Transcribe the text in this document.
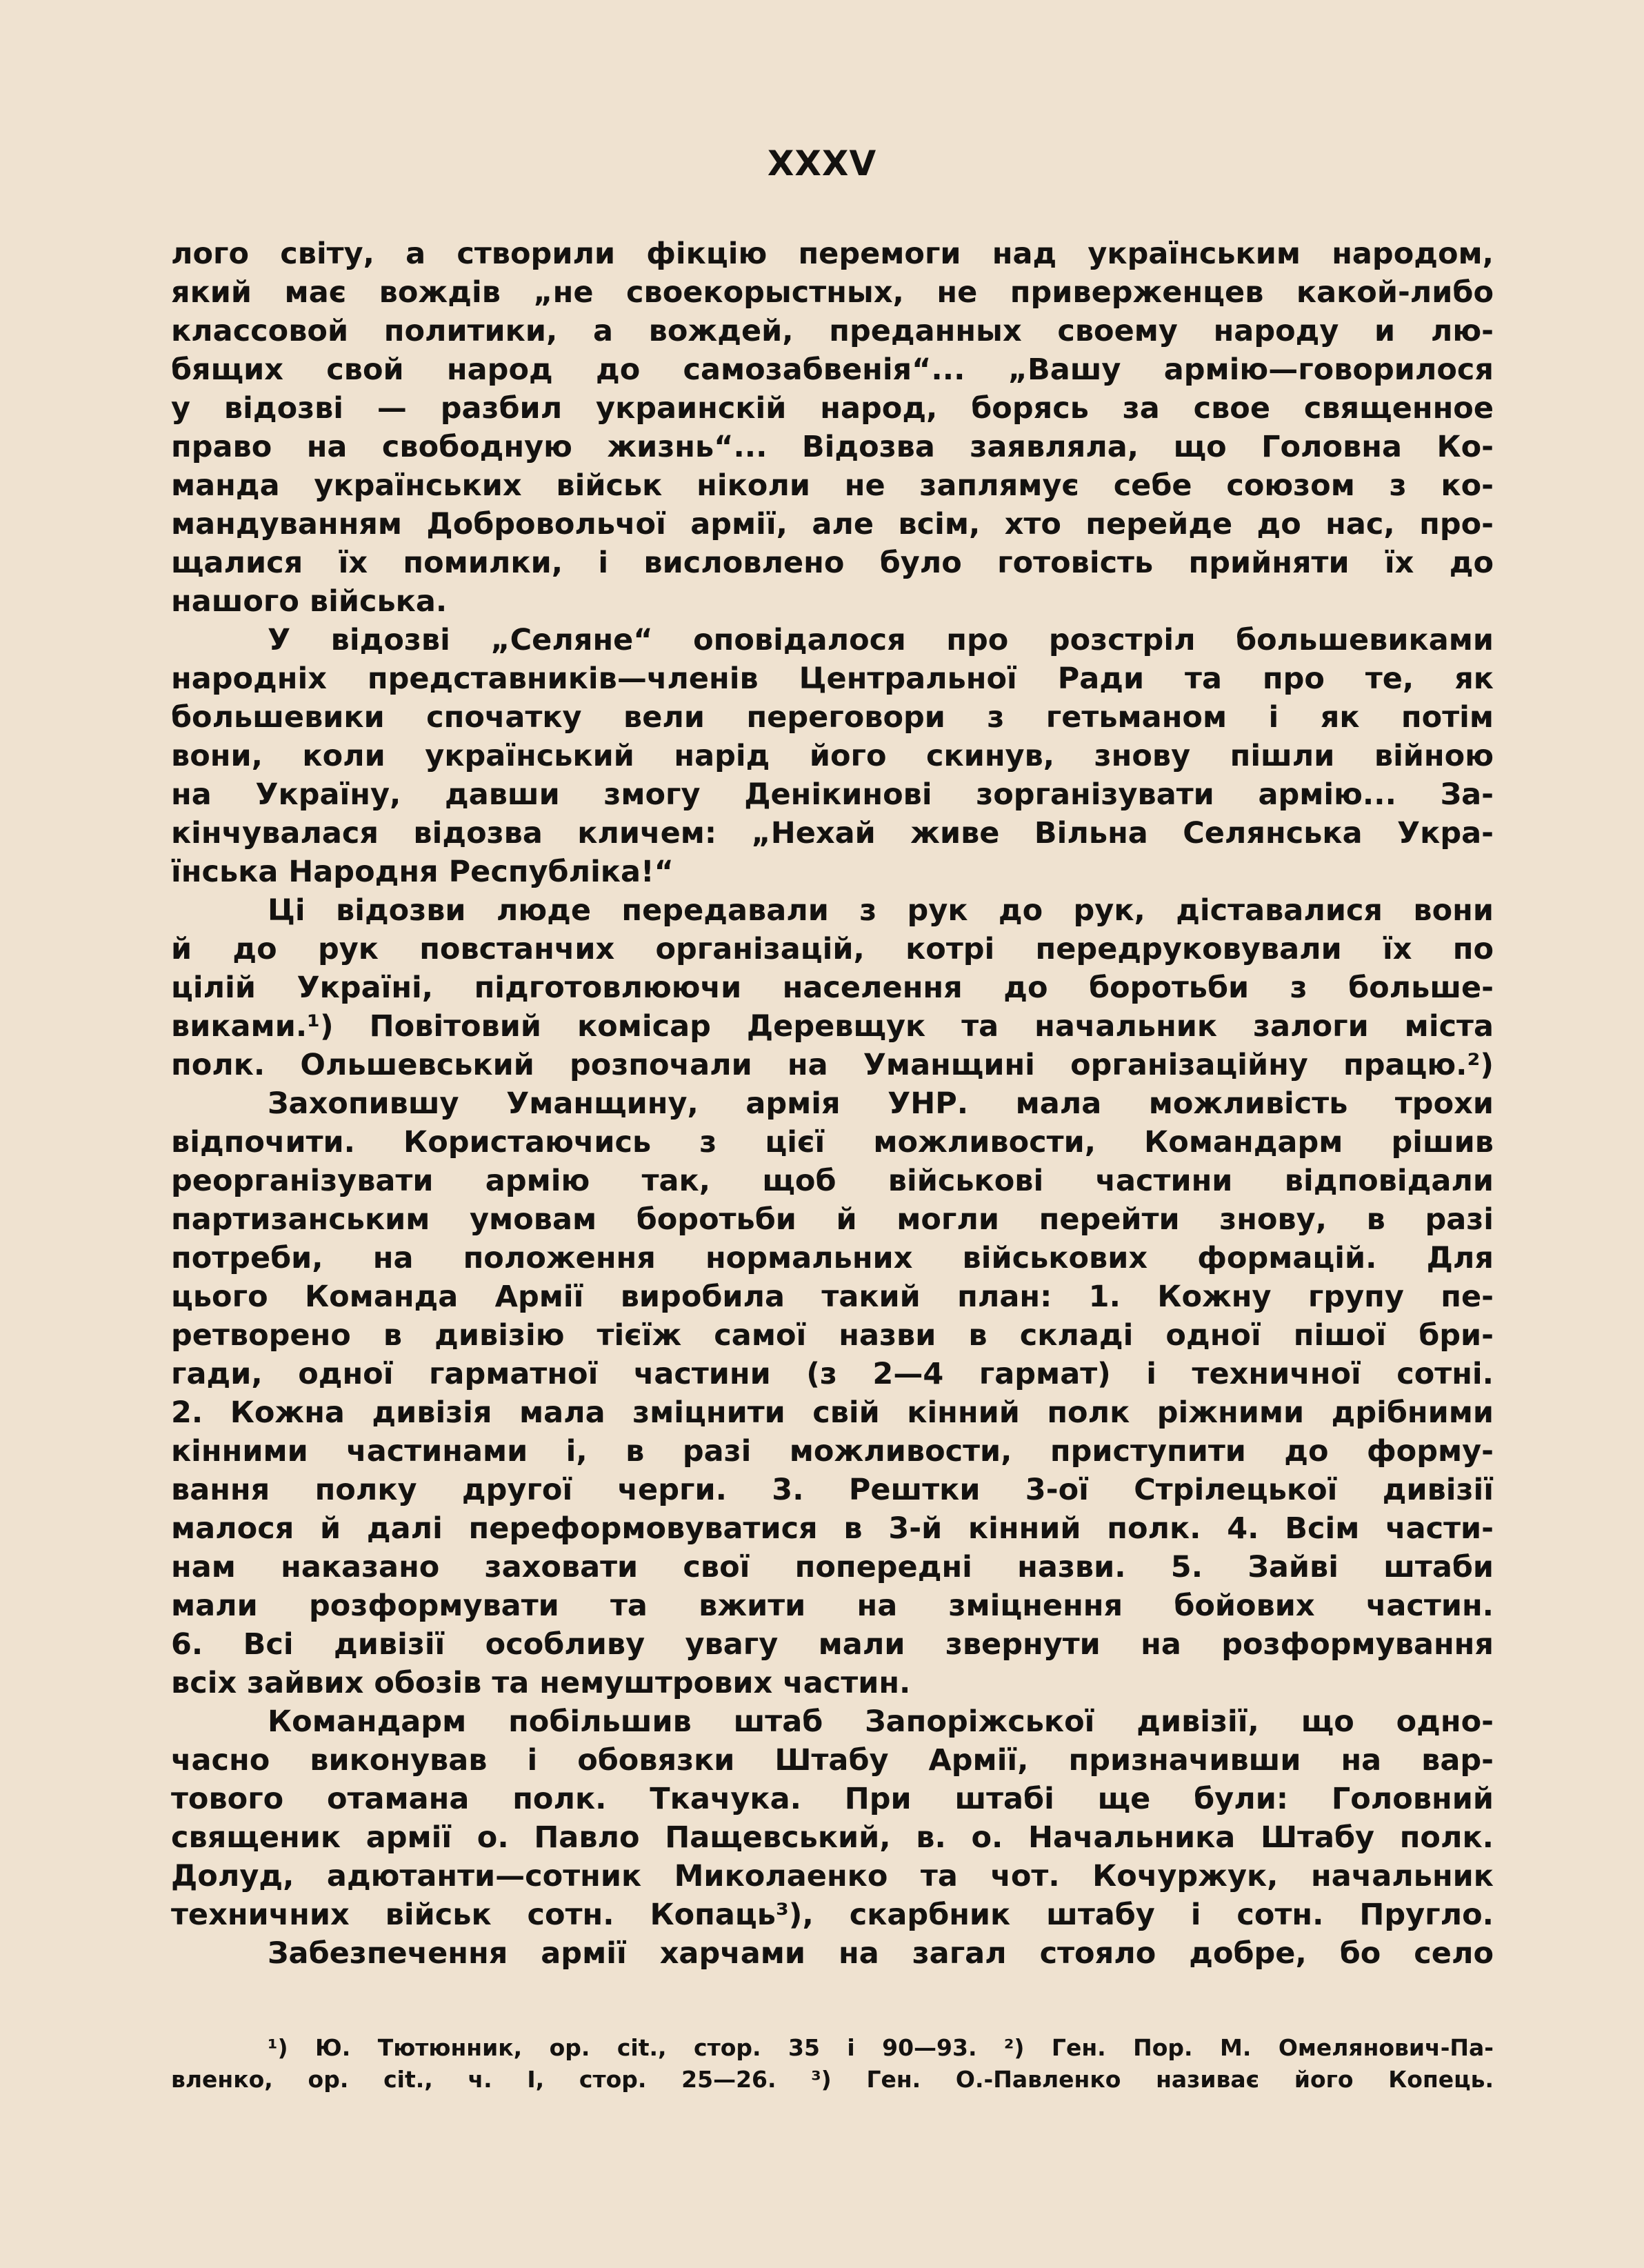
XXXV
лого світу, а створили фікцію перемоги над українським народом,
який має вождів „не своекорыстных, не приверженцев какой-либо
классовой политики, а вождей, преданных своему народу и лю-
бящих свой народ до самозабвенія“... „Вашу армію—говорилося
у відозві — разбил украинскій народ, борясь за свое священное
право на свободную жизнь“... Відозва заявляла, що Головна Ко-
манда українських військ ніколи не заплямує себе союзом з ко-
мандуванням Добровольчої армії, але всім, хто перейде до нас, про-
щалися їх помилки, і висловлено було готовість прийняти їх до
нашого війська.
У відозві „Селяне“ оповідалося про розстріл большевиками
народніх представників—членів Центральної Ради та про те, як
большевики спочатку вели переговори з гетьманом і як потім
вони, коли український нарід його скинув, знову пішли війною
на Україну, давши змогу Денікинові зорганізувати армію... За-
кінчувалася відозва кличем: „Нехай живе Вільна Селянська Укра-
їнська Народня Республіка!“
Ці відозви люде передавали з рук до рук, діставалися вони
й до рук повстанчих організацій, котрі передруковували їх по
цілій Україні, підготовлюючи населення до боротьби з больше-
виками.¹) Повітовий комісар Деревщук та начальник залоги міста
полк. Ольшевський розпочали на Уманщині організаційну працю.²)
Захопившу Уманщину, армія УНР. мала можливість трохи
відпочити. Користаючись з цієї можливости, Командарм рішив
реорганізувати армію так, щоб військові частини відповідали
партизанським умовам боротьби й могли перейти знову, в разі
потреби, на положення нормальних військових формацій. Для
цього Команда Армії виробила такий план: 1. Кожну групу пе-
ретворено в дивізію тієїж самої назви в складі одної пішої бри-
гади, одної гарматної частини (з 2—4 гармат) і техничної сотні.
2. Кожна дивізія мала зміцнити свій кінний полк ріжними дрібними
кінними частинами і, в разі можливости, приступити до форму-
вання полку другої черги. 3. Рештки 3-ої Стрілецької дивізії
малося й далі переформовуватися в 3-й кінний полк. 4. Всім части-
нам наказано заховати свої попередні назви. 5. Зайві штаби
мали розформувати та вжити на зміцнення бойових частин.
6. Всі дивізії особливу увагу мали звернути на розформування
всіх зайвих обозів та немуштрових частин.
Командарм побільшив штаб Запоріжської дивізії, що одно-
часно виконував і обовязки Штабу Армії, призначивши на вар-
тового отамана полк. Ткачука. При штабі ще були: Головний
священик армії о. Павло Пащевський, в. о. Начальника Штабу полк.
Долуд, адютанти—сотник Миколаенко та чот. Кочуржук, начальник
техничних військ сотн. Копаць³), скарбник штабу і сотн. Пругло.
Забезпечення армії харчами на загал стояло добре, бо село
¹) Ю. Тютюнник, op. cit., стор. 35 і 90—93. ²) Ген. Пор. М. Омелянович-Па-
вленко, op. cit., ч. I, стор. 25—26. ³) Ген. О.-Павленко називає його Копець.
